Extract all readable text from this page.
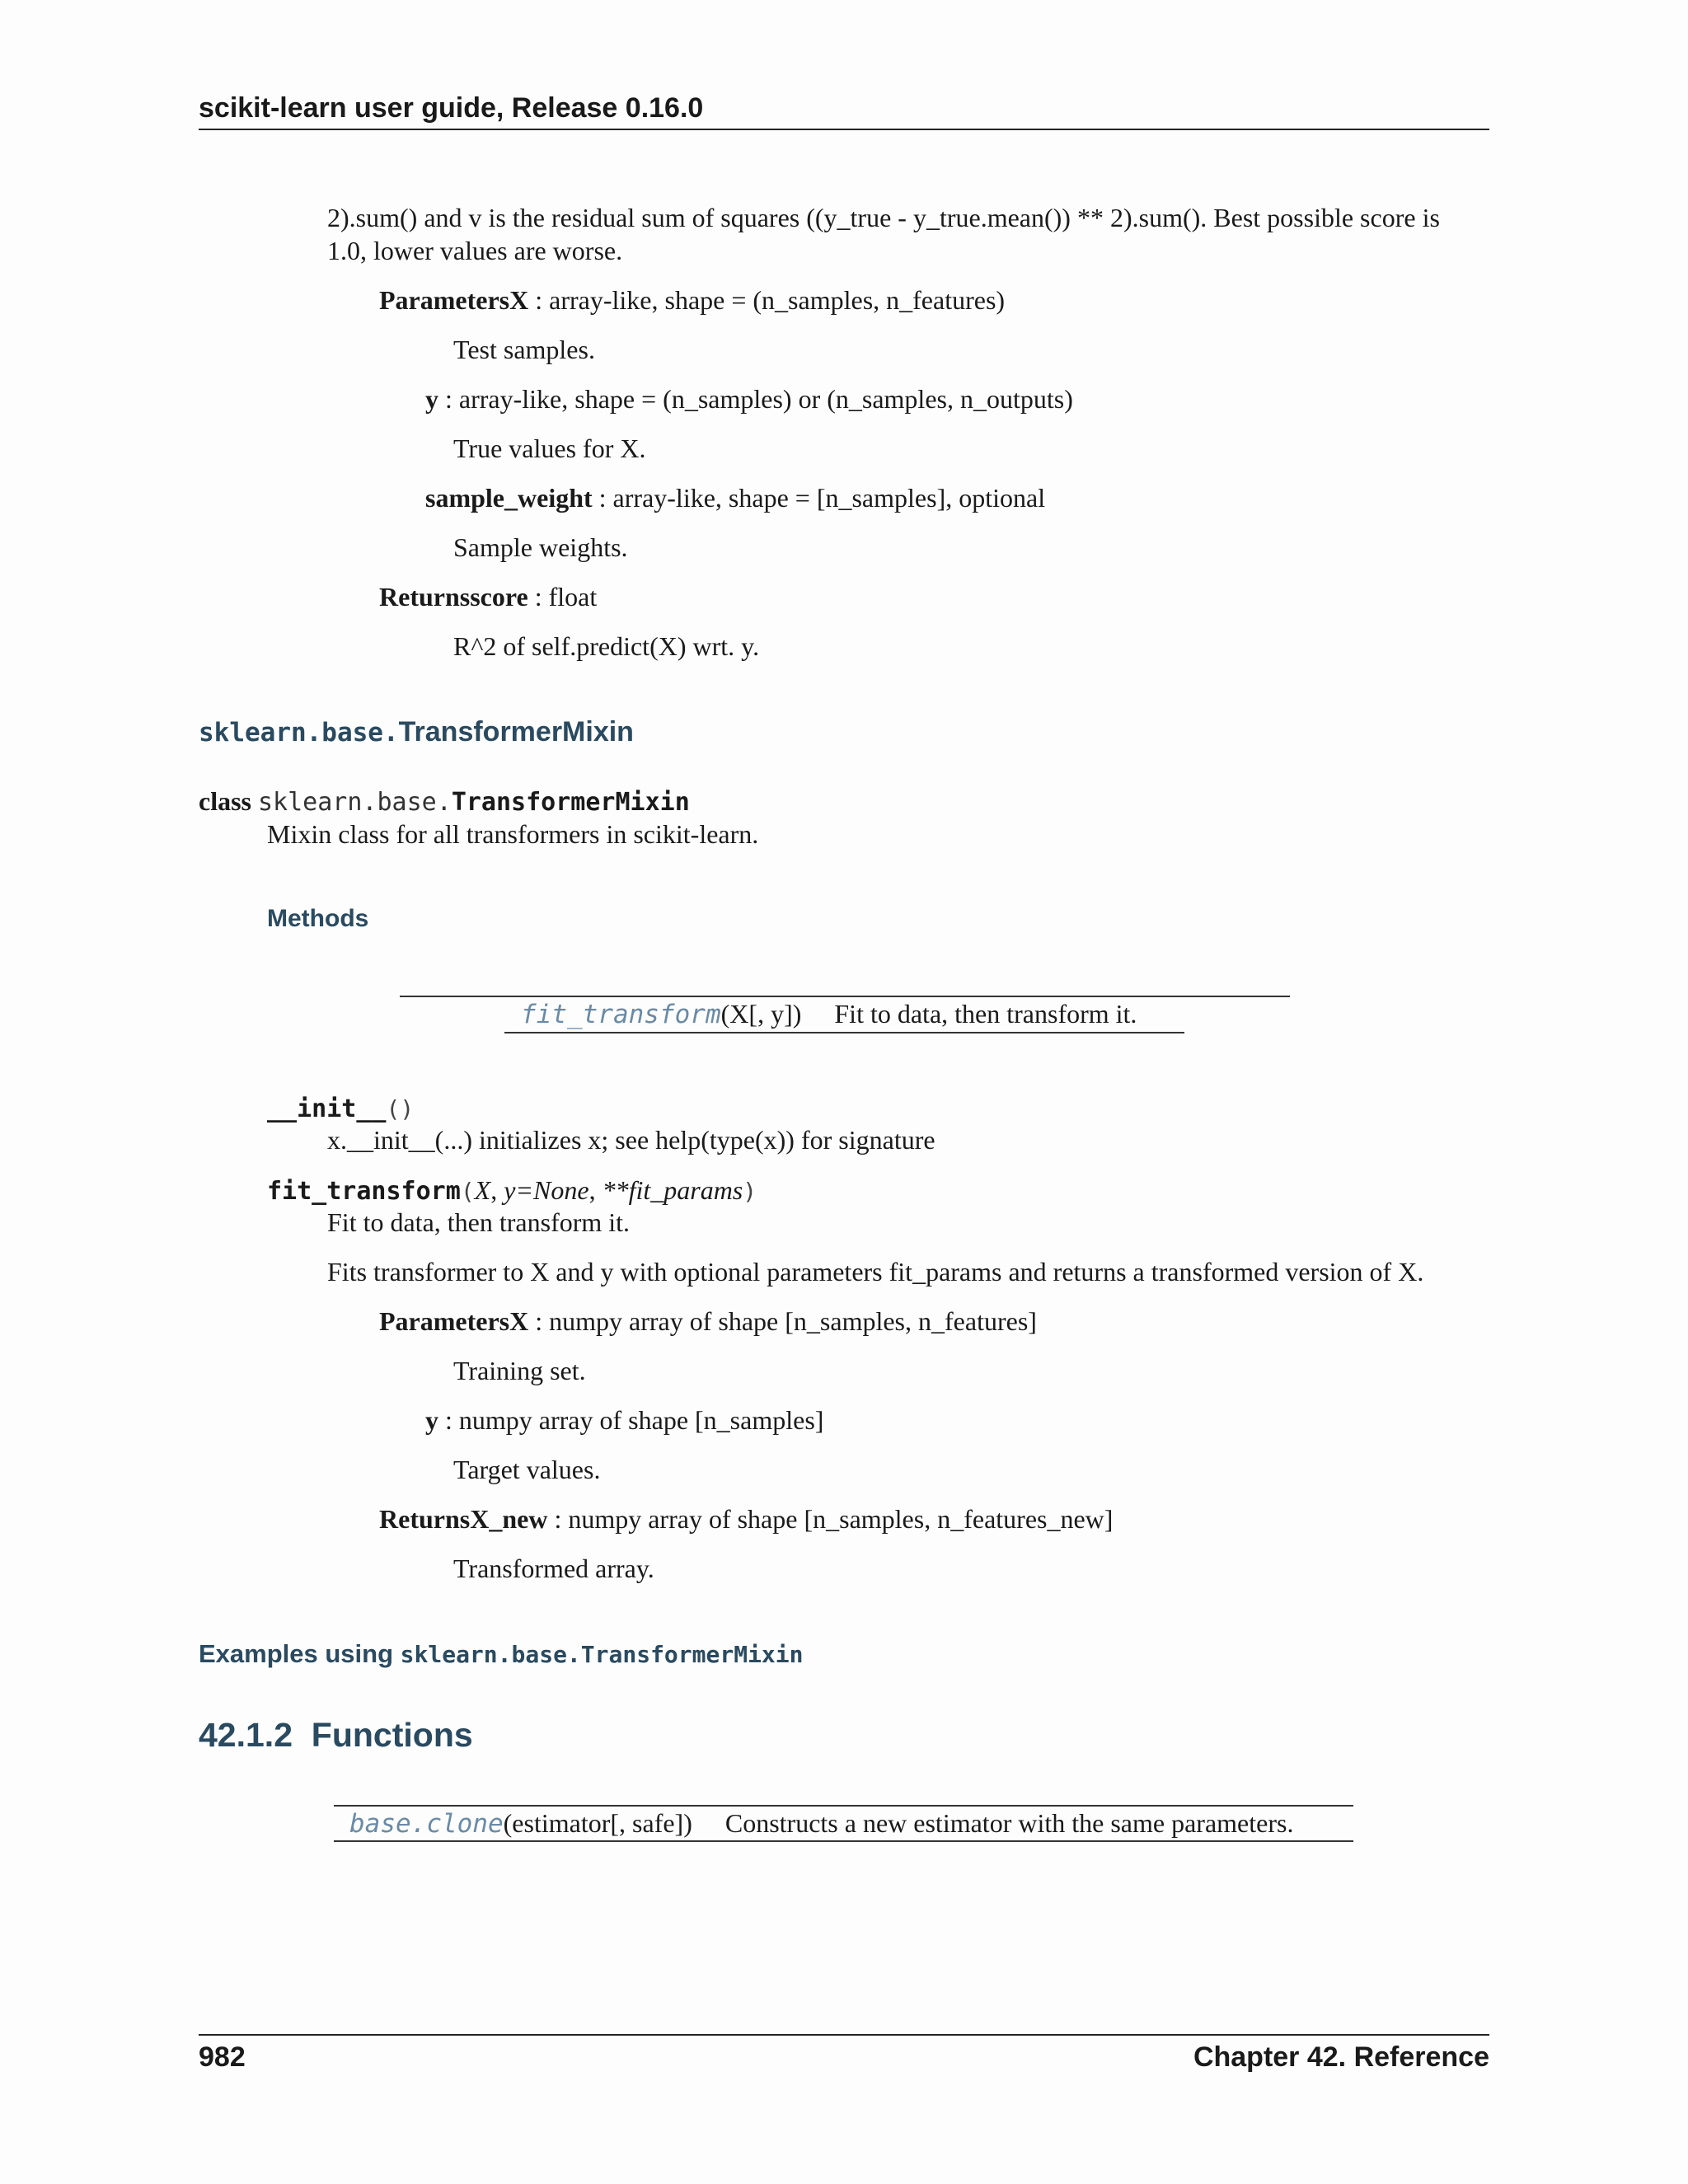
scikit-learn user guide, Release 0.16.0
2).sum() and v is the residual sum of squares ((y_true - y_true.mean()) ** 2).sum(). Best possible score is
1.0, lower values are worse.
ParametersX : array-like, shape = (n_samples, n_features)
Test samples.
y : array-like, shape = (n_samples) or (n_samples, n_outputs)
True values for X.
sample_weight : array-like, shape = [n_samples], optional
Sample weights.
Returnsscore : float
R^2 of self.predict(X) wrt. y.
sklearn.base.TransformerMixin
class sklearn.base.TransformerMixin
Mixin class for all transformers in scikit-learn.
Methods
fit_transform(X[, y]) Fit to data, then transform it.
__init__()
x.__init__(...) initializes x; see help(type(x)) for signature
fit_transform(X, y=None, **fit_params)
Fit to data, then transform it.
Fits transformer to X and y with optional parameters fit_params and returns a transformed version of X.
ParametersX : numpy array of shape [n_samples, n_features]
Training set.
y : numpy array of shape [n_samples]
Target values.
ReturnsX_new : numpy array of shape [n_samples, n_features_new]
Transformed array.
Examples using sklearn.base.TransformerMixin
42.1.2 Functions
base.clone(estimator[, safe]) Constructs a new estimator with the same parameters.
982	Chapter 42. Reference
